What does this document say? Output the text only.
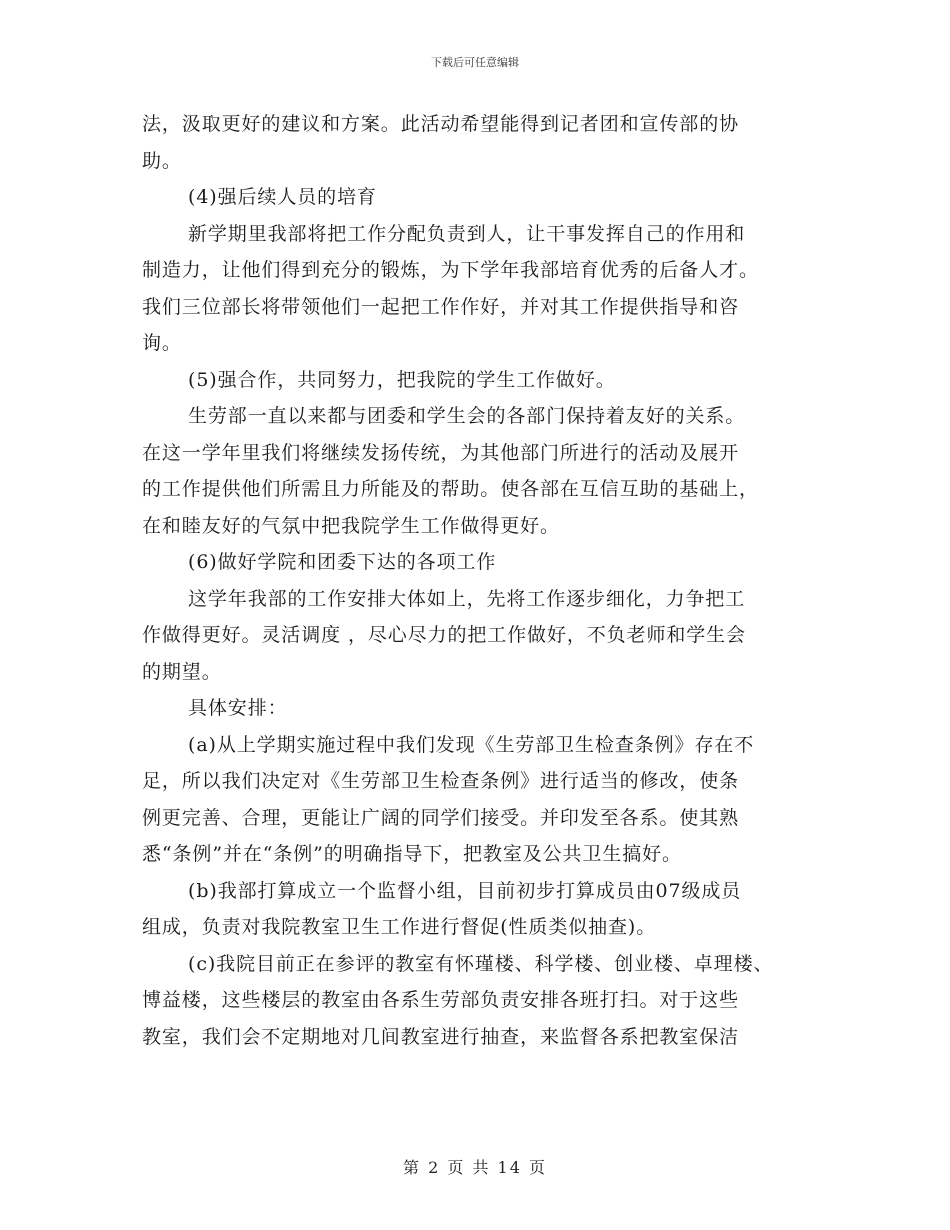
下载后可任意编辑
法，汲取更好的建议和方案。此活动希望能得到记者团和宣传部的协
助。
(4)强后续人员的培育
新学期里我部将把工作分配负责到人，让干事发挥自己的作用和
制造力，让他们得到充分的锻炼，为下学年我部培育优秀的后备人才。
我们三位部长将带领他们一起把工作作好，并对其工作提供指导和咨
询。
(5)强合作，共同努力，把我院的学生工作做好。
生劳部一直以来都与团委和学生会的各部门保持着友好的关系。
在这一学年里我们将继续发扬传统，为其他部门所进行的活动及展开
的工作提供他们所需且力所能及的帮助。使各部在互信互助的基础上，
在和睦友好的气氛中把我院学生工作做得更好。
(6)做好学院和团委下达的各项工作
这学年我部的工作安排大体如上，先将工作逐步细化，力争把工
作做得更好。灵活调度 ，尽心尽力的把工作做好，不负老师和学生会
的期望。
具体安排：
(a)从上学期实施过程中我们发现《生劳部卫生检查条例》存在不
足，所以我们决定对《生劳部卫生检查条例》进行适当的修改，使条
例更完善、合理，更能让广阔的同学们接受。并印发至各系。使其熟
悉“条例”并在“条例”的明确指导下，把教室及公共卫生搞好。
(b)我部打算成立一个监督小组，目前初步打算成员由07级成员
组成，负责对我院教室卫生工作进行督促(性质类似抽查)。
(c)我院目前正在参评的教室有怀瑾楼、科学楼、创业楼、卓理楼、
博益楼，这些楼层的教室由各系生劳部负责安排各班打扫。对于这些
教室，我们会不定期地对几间教室进行抽查，来监督各系把教室保洁
第 2 页 共 14 页
